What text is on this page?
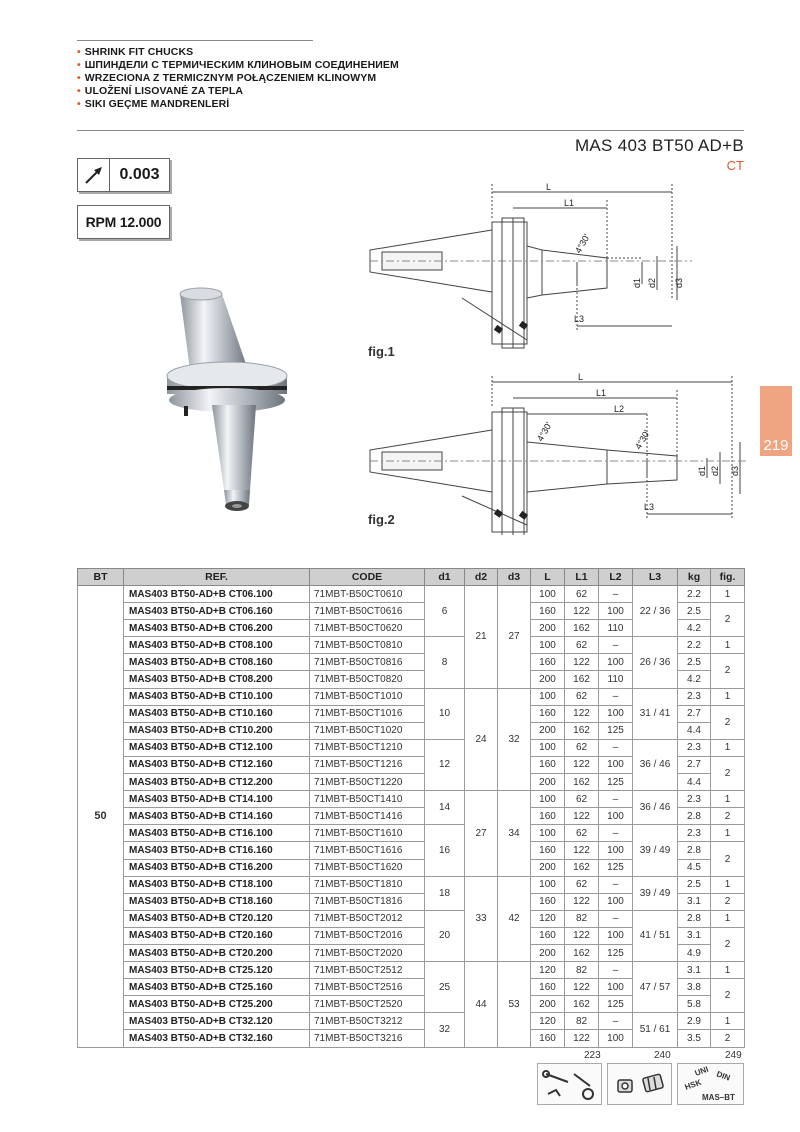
• SHRINK FIT CHUCKS
• ШПИНДЕЛИ С ТЕРМИЧЕСКИМ КЛИНОВЫМ СОЕДИНЕНИЕМ
• WRZECIONA Z TERMICZNYM POŁĄCZENIEM KLINOWYM
• ULOŽENÍ LISOVANÉ ZA TEPLA
• SIKI GEÇME MANDRENLERİ
MAS 403 BT50 AD+B
CT
0.003
RPM 12.000
219
L
L1
L3
4°30'
d1 d2 d3
fig.1
L
L1
L2
L3
4°30'	4°30'
d1 d2 d3
fig.2
BT	REF.	CODE	d1	d2	d3	L	L1	L2	L3	kg	fig.
50	MAS403 BT50-AD+B CT06.100	71MBT-B50CT0610	6	21	27	100	62	–	22 / 36	2.2	1
	MAS403 BT50-AD+B CT06.160	71MBT-B50CT0616				160	122	100		2.5	2
	MAS403 BT50-AD+B CT06.200	71MBT-B50CT0620				200	162	110		4.2	
	MAS403 BT50-AD+B CT08.100	71MBT-B50CT0810	8			100	62	–	26 / 36	2.2	1
	MAS403 BT50-AD+B CT08.160	71MBT-B50CT0816				160	122	100		2.5	2
	MAS403 BT50-AD+B CT08.200	71MBT-B50CT0820				200	162	110		4.2	
	MAS403 BT50-AD+B CT10.100	71MBT-B50CT1010	10	24	32	100	62	–	31 / 41	2.3	1
	MAS403 BT50-AD+B CT10.160	71MBT-B50CT1016				160	122	100		2.7	2
	MAS403 BT50-AD+B CT10.200	71MBT-B50CT1020				200	162	125		4.4	
	MAS403 BT50-AD+B CT12.100	71MBT-B50CT1210	12			100	62	–	36 / 46	2.3	1
	MAS403 BT50-AD+B CT12.160	71MBT-B50CT1216				160	122	100		2.7	2
	MAS403 BT50-AD+B CT12.200	71MBT-B50CT1220				200	162	125		4.4	
	MAS403 BT50-AD+B CT14.100	71MBT-B50CT1410	14	27	34	100	62	–	36 / 46	2.3	1
	MAS403 BT50-AD+B CT14.160	71MBT-B50CT1416				160	122	100		2.8	2
	MAS403 BT50-AD+B CT16.100	71MBT-B50CT1610	16			100	62	–	39 / 49	2.3	1
	MAS403 BT50-AD+B CT16.160	71MBT-B50CT1616				160	122	100		2.8	2
	MAS403 BT50-AD+B CT16.200	71MBT-B50CT1620				200	162	125		4.5	
	MAS403 BT50-AD+B CT18.100	71MBT-B50CT1810	18	33	42	100	62	–	39 / 49	2.5	1
	MAS403 BT50-AD+B CT18.160	71MBT-B50CT1816				160	122	100		3.1	2
	MAS403 BT50-AD+B CT20.120	71MBT-B50CT2012	20			120	82	–	41 / 51	2.8	1
	MAS403 BT50-AD+B CT20.160	71MBT-B50CT2016				160	122	100		3.1	2
	MAS403 BT50-AD+B CT20.200	71MBT-B50CT2020				200	162	125		4.9	
	MAS403 BT50-AD+B CT25.120	71MBT-B50CT2512	25	44	53	120	82	–	47 / 57	3.1	1
	MAS403 BT50-AD+B CT25.160	71MBT-B50CT2516				160	122	100		3.8	2
	MAS403 BT50-AD+B CT25.200	71MBT-B50CT2520				200	162	125		5.8	
	MAS403 BT50-AD+B CT32.120	71MBT-B50CT3212	32			120	82	–	51 / 61	2.9	1
	MAS403 BT50-AD+B CT32.160	71MBT-B50CT3216				160	122	100		3.5	2
223	240	249
UNI DIN
HSK
MAS–BT
